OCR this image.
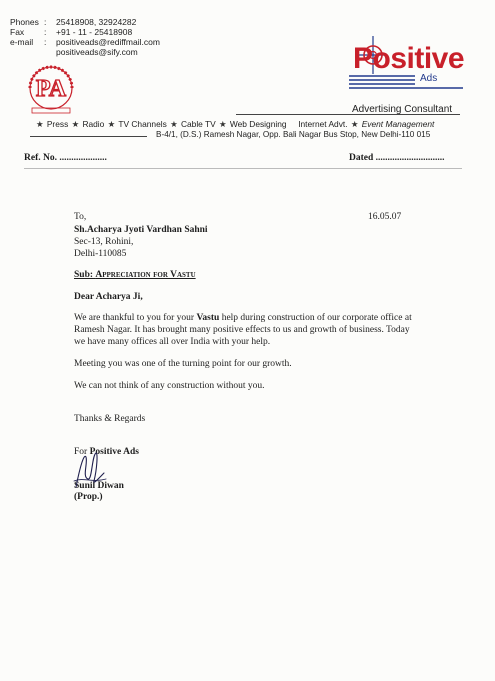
Phones :	25418908, 32924282
Fax	:	+91 - 11 - 25418908
e-mail	:	positiveads@rediffmail.com
positiveads@sify.com
PA
Positive
Ads
Advertising Consultant
★ Press ★ Radio ★ TV Channels ★ Cable TV ★ Web Designing Internet Advt. ★ Event Management
B-4/1, (D.S.) Ramesh Nagar, Opp. Bali Nagar Bus Stop, New Delhi-110 015
Ref. No. ....................	Dated .............................
To,	16.05.07
Sh.Acharya Jyoti Vardhan Sahni
Sec-13, Rohini,
Delhi-110085
Sub: Appreciation for Vastu
Dear Acharya Ji,
We are thankful to you for your Vastu help during construction of our corporate office at
Ramesh Nagar. It has brought many positive effects to us and growth of business. Today
we have many offices all over India with your help.
Meeting you was one of the turning point for our growth.
We can not think of any construction without you.
Thanks & Regards
For Positive Ads
Sunil Diwan
(Prop.)
